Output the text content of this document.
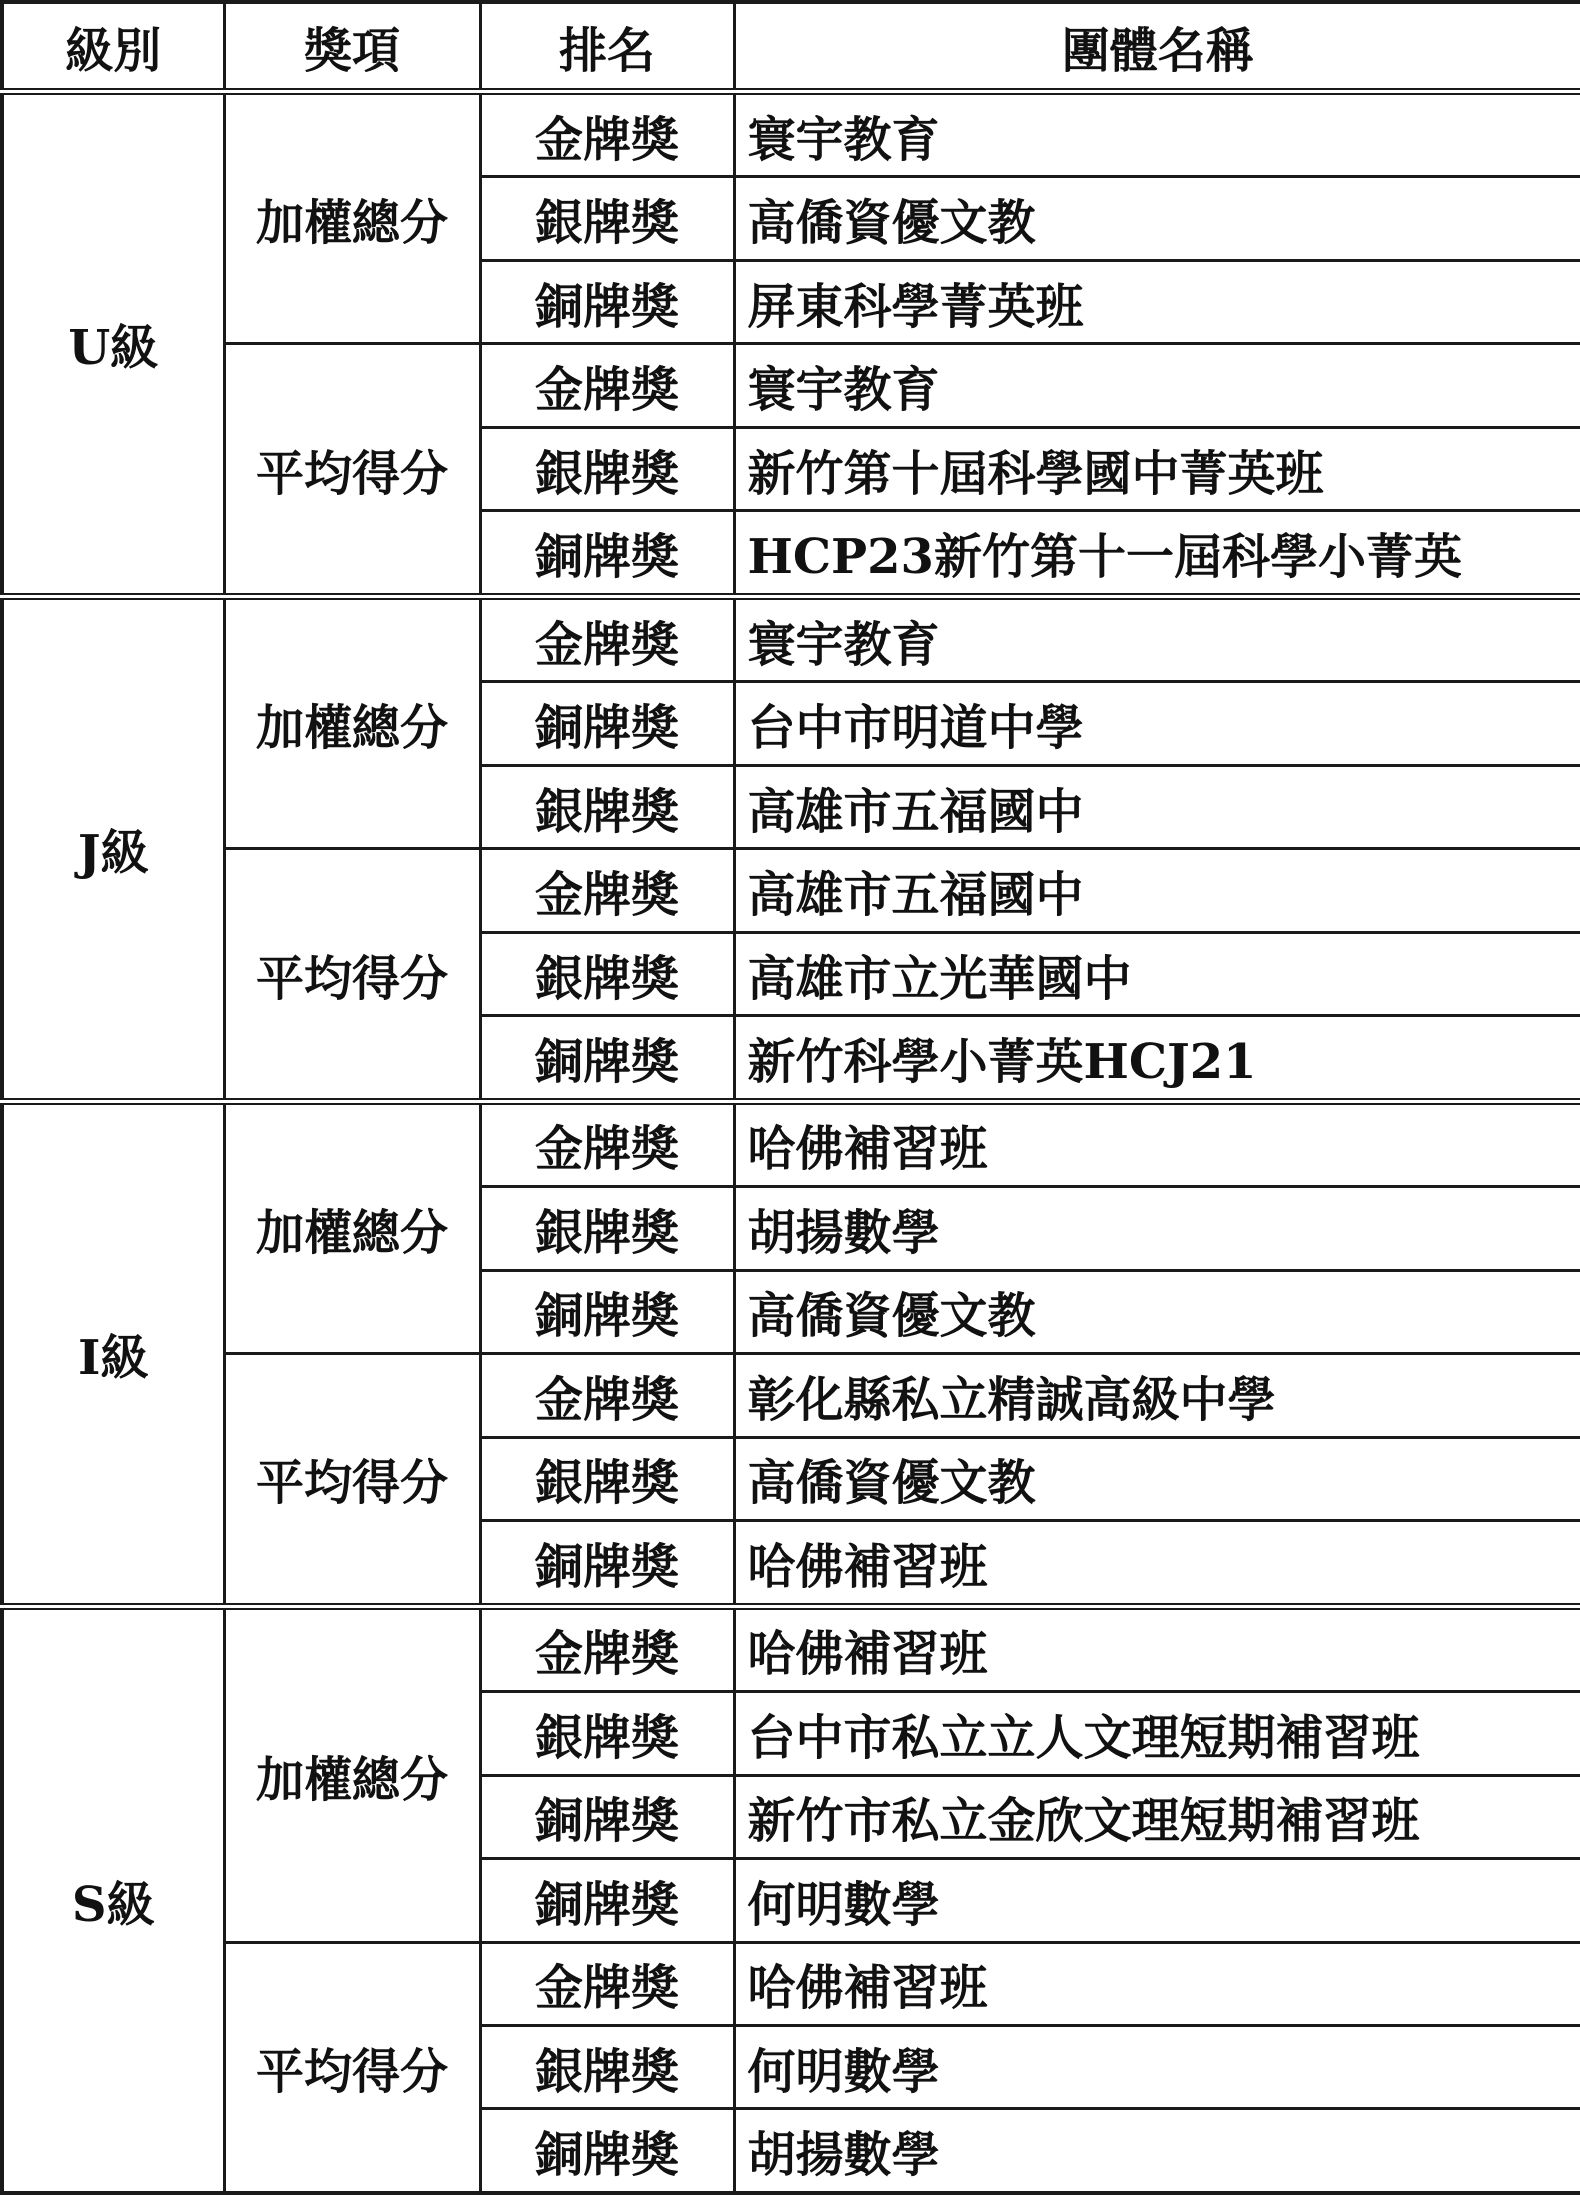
級別	獎項	排名	團體名稱
U級	加權總分	金牌獎	寰宇教育
		銀牌獎	高僑資優文教
		銅牌獎	屏東科學菁英班
	平均得分	金牌獎	寰宇教育
		銀牌獎	新竹第十屆科學國中菁英班
		銅牌獎	HCP23新竹第十一屆科學小菁英
J級	加權總分	金牌獎	寰宇教育
		銅牌獎	台中市明道中學
		銀牌獎	高雄市五福國中
	平均得分	金牌獎	高雄市五福國中
		銀牌獎	高雄市立光華國中
		銅牌獎	新竹科學小菁英HCJ21
I級	加權總分	金牌獎	哈佛補習班
		銀牌獎	胡揚數學
		銅牌獎	高僑資優文教
	平均得分	金牌獎	彰化縣私立精誠高級中學
		銀牌獎	高僑資優文教
		銅牌獎	哈佛補習班
S級	加權總分	金牌獎	哈佛補習班
		銀牌獎	台中市私立立人文理短期補習班
		銅牌獎	新竹市私立金欣文理短期補習班
		銅牌獎	何明數學
	平均得分	金牌獎	哈佛補習班
		銀牌獎	何明數學
		銅牌獎	胡揚數學
